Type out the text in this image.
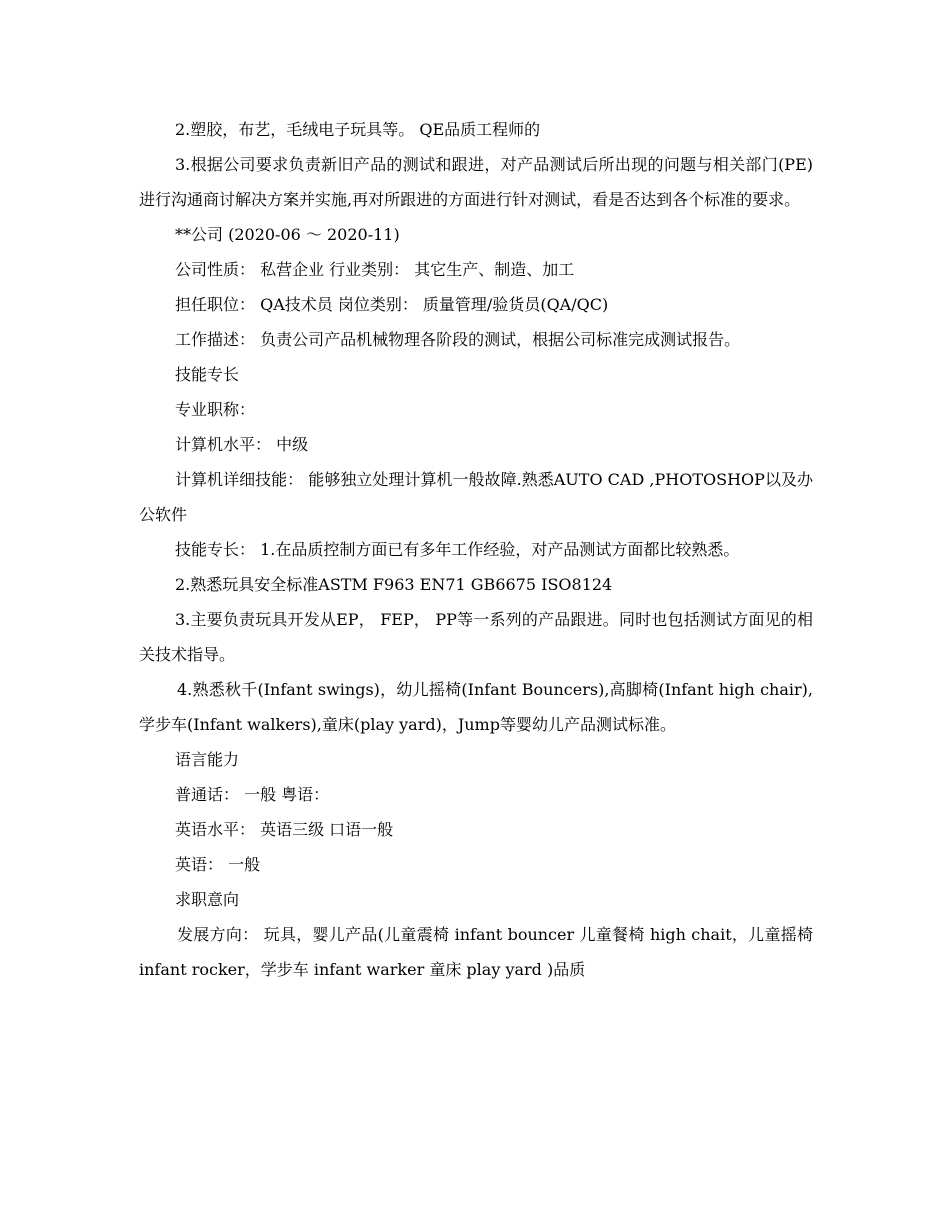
2.塑胶，布艺，毛绒电子玩具等。 QE品质工程师的

3.根据公司要求负责新旧产品的测试和跟进，对产品测试后所出现的问题与相关部门(PE)进行沟通商讨解决方案并实施,再对所跟进的方面进行针对测试，看是否达到各个标准的要求。

**公司 (2020-06 ～ 2020-11)

公司性质： 私营企业 行业类别： 其它生产、制造、加工

担任职位： QA技术员 岗位类别： 质量管理/验货员(QA/QC)

工作描述： 负责公司产品机械物理各阶段的测试，根据公司标准完成测试报告。

技能专长

专业职称：

计算机水平： 中级

计算机详细技能： 能够独立处理计算机一般故障.熟悉AUTO CAD ,PHOTOSHOP以及办公软件

技能专长： 1.在品质控制方面已有多年工作经验，对产品测试方面都比较熟悉。

2.熟悉玩具安全标准ASTM F963 EN71 GB6675 ISO8124

3.主要负责玩具开发从EP， FEP， PP等一系列的产品跟进。同时也包括测试方面见的相关技术指导。

4.熟悉秋千(Infant swings)，幼儿摇椅(Infant Bouncers),高脚椅(Infant high chair),学步车(Infant walkers),童床(play yard)，Jump等婴幼儿产品测试标准。

语言能力

普通话： 一般 粤语：

英语水平： 英语三级 口语一般

英语： 一般

求职意向

发展方向： 玩具，婴儿产品(儿童震椅 infant bouncer 儿童餐椅 high chait，儿童摇椅 infant rocker，学步车 infant warker 童床 play yard )品质
